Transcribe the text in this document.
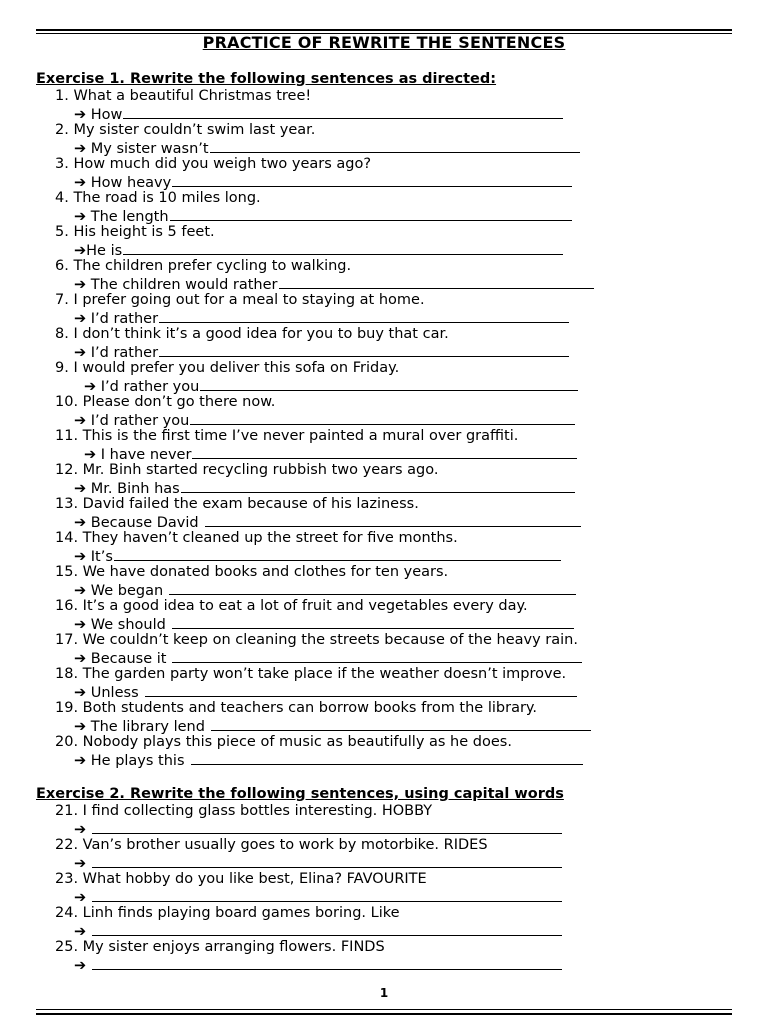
PRACTICE OF REWRITE THE SENTENCES
Exercise 1. Rewrite the following sentences as directed:
1. What a beautiful Christmas tree!
➔ How
2. My sister couldn’t swim last year.
➔ My sister wasn’t
3. How much did you weigh two years ago?
➔ How heavy
4. The road is 10 miles long.
➔ The length
5. His height is 5 feet.
➔He is
6. The children prefer cycling to walking.
➔ The children would rather
7. I prefer going out for a meal to staying at home.
➔ I’d rather
8. I don’t think it’s a good idea for you to buy that car.
➔ I’d rather
9. I would prefer you deliver this sofa on Friday.
➔ I’d rather you
10. Please don’t go there now.
➔ I’d rather you
11. This is the first time I’ve never painted a mural over graffiti.
➔ I have never
12. Mr. Binh started recycling rubbish two years ago.
➔ Mr. Binh has
13. David failed the exam because of his laziness.
➔ Because David
14. They haven’t cleaned up the street for five months.
➔ It’s
15. We have donated books and clothes for ten years.
➔ We began
16. It’s a good idea to eat a lot of fruit and vegetables every day.
➔ We should
17. We couldn’t keep on cleaning the streets because of the heavy rain.
➔ Because it
18. The garden party won’t take place if the weather doesn’t improve.
➔ Unless
19. Both students and teachers can borrow books from the library.
➔ The library lend
20. Nobody plays this piece of music as beautifully as he does.
➔ He plays this
Exercise 2. Rewrite the following sentences, using capital words
21. I find collecting glass bottles interesting. HOBBY
➔
22. Van’s brother usually goes to work by motorbike. RIDES
➔
23. What hobby do you like best, Elina? FAVOURITE
➔
24. Linh finds playing board games boring. Like
➔
25. My sister enjoys arranging flowers. FINDS
➔
1
